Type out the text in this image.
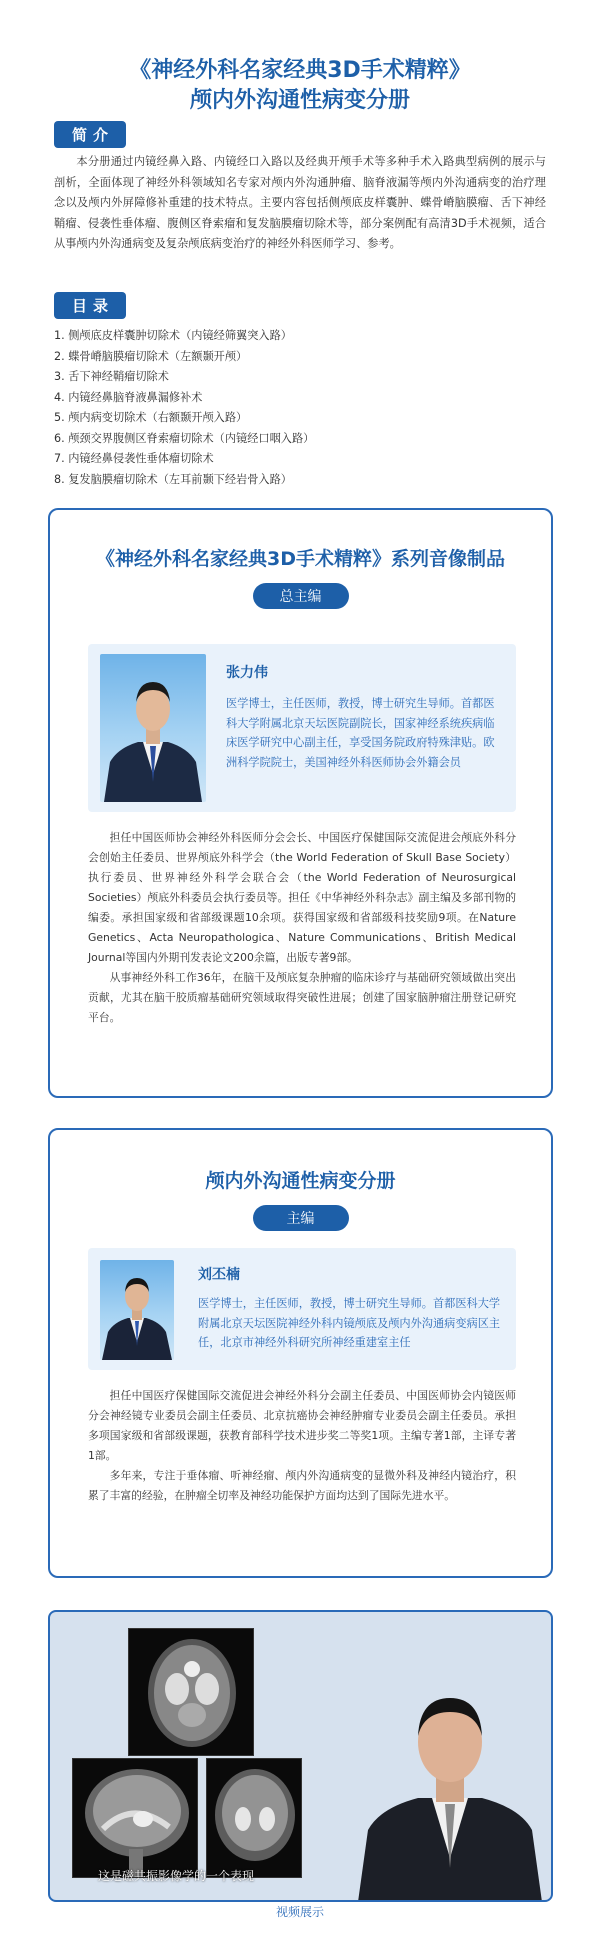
《神经外科名家经典3D手术精粹》
颅内外沟通性病变分册
简介

本分册通过内镜经鼻入路、内镜经口入路以及经典开颅手术等多种手术入路典型病例的展示与剖析，全面体现了神经外科领域知名专家对颅内外沟通肿瘤、脑脊液漏等颅内外沟通病变的治疗理念以及颅内外屏障修补重建的技术特点。主要内容包括侧颅底皮样囊肿、蝶骨嵴脑膜瘤、舌下神经鞘瘤、侵袭性垂体瘤、腹侧区脊索瘤和复发脑膜瘤切除术等，部分案例配有高清3D手术视频，适合从事颅内外沟通病变及复杂颅底病变治疗的神经外科医师学习、参考。

目录
1. 侧颅底皮样囊肿切除术（内镜经筛翼突入路）
2. 蝶骨嵴脑膜瘤切除术（左额颞开颅）
3. 舌下神经鞘瘤切除术
4. 内镜经鼻脑脊液鼻漏修补术
5. 颅内病变切除术（右额颞开颅入路）
6. 颅颈交界腹侧区脊索瘤切除术（内镜经口咽入路）
7. 内镜经鼻侵袭性垂体瘤切除术
8. 复发脑膜瘤切除术（左耳前颞下经岩骨入路）
《神经外科名家经典3D手术精粹》系列音像制品
总主编
张力伟
医学博士，主任医师，教授，博士研究生导师。首都医科大学附属北京天坛医院副院长，国家神经系统疾病临床医学研究中心副主任，享受国务院政府特殊津贴。欧洲科学院院士，美国神经外科医师协会外籍会员

担任中国医师协会神经外科医师分会会长、中国医疗保健国际交流促进会颅底外科分会创始主任委员、世界颅底外科学会（the World Federation of Skull Base Society）执行委员、世界神经外科学会联合会（the World Federation of Neurosurgical Societies）颅底外科委员会执行委员等。担任《中华神经外科杂志》副主编及多部刊物的编委。承担国家级和省部级课题10余项。获得国家级和省部级科技奖励9项。在Nature Genetics、Acta Neuropathologica、Nature Communications、British Medical Journal等国内外期刊发表论文200余篇，出版专著9部。

从事神经外科工作36年，在脑干及颅底复杂肿瘤的临床诊疗与基础研究领域做出突出贡献，尤其在脑干胶质瘤基础研究领域取得突破性进展；创建了国家脑肿瘤注册登记研究平台。

颅内外沟通性病变分册
主编
刘丕楠
医学博士，主任医师，教授，博士研究生导师。首都医科大学附属北京天坛医院神经外科内镜颅底及颅内外沟通病变病区主任，北京市神经外科研究所神经重建室主任

担任中国医疗保健国际交流促进会神经外科分会副主任委员、中国医师协会内镜医师分会神经镜专业委员会副主任委员、北京抗癌协会神经肿瘤专业委员会副主任委员。承担多项国家级和省部级课题，获教育部科学技术进步奖二等奖1项。主编专著1部，主译专著1部。

多年来，专注于垂体瘤、听神经瘤、颅内外沟通病变的显微外科及神经内镜治疗，积累了丰富的经验，在肿瘤全切率及神经功能保护方面均达到了国际先进水平。

这是磁共振影像学的一个表现
视频展示
